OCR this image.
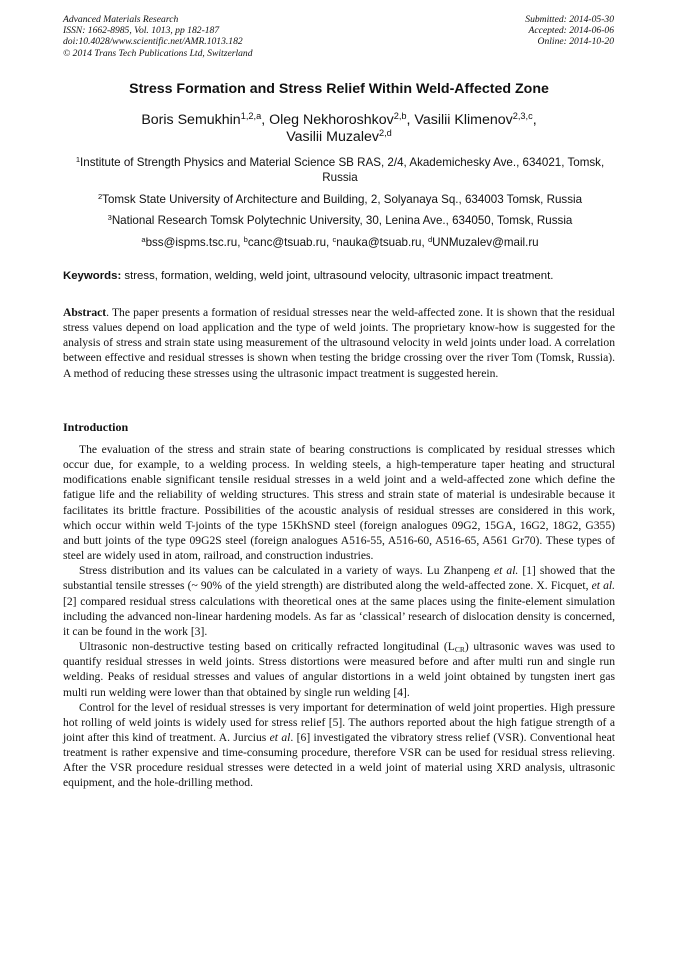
Advanced Materials Research
ISSN: 1662-8985, Vol. 1013, pp 182-187
doi:10.4028/www.scientific.net/AMR.1013.182
© 2014 Trans Tech Publications Ltd, Switzerland
Submitted: 2014-05-30
Accepted: 2014-06-06
Online: 2014-10-20
Stress Formation and Stress Relief Within Weld-Affected Zone
Boris Semukhin$^{1,2,a}$, Oleg Nekhoroshkov$^{2,b}$, Vasilii Klimenov$^{2,3,c}$,
Vasilii Muzalev$^{2,d}$
$^1$Institute of Strength Physics and Material Science SB RAS, 2/4, Akademichesky Ave., 634021, Tomsk, Russia
$^2$Tomsk State University of Architecture and Building, 2, Solyanaya Sq., 634003 Tomsk, Russia
$^3$National Research Tomsk Polytechnic University, 30, Lenina Ave., 634050, Tomsk, Russia
$^a$bss@ispms.tsc.ru, $^b$canc@tsuab.ru, $^c$nauka@tsuab.ru, $^d$UNMuzalev@mail.ru
Keywords: stress, formation, welding, weld joint, ultrasound velocity, ultrasonic impact treatment.

Abstract. The paper presents a formation of residual stresses near the weld-affected zone. It is shown that the residual stress values depend on load application and the type of weld joints. The proprietary know-how is suggested for the analysis of stress and strain state using measurement of the ultrasound velocity in weld joints under load. A correlation between effective and residual stresses is shown when testing the bridge crossing over the river Tom (Tomsk, Russia). A method of reducing these stresses using the ultrasonic impact treatment is suggested herein.

Introduction

The evaluation of the stress and strain state of bearing constructions is complicated by residual stresses which occur due, for example, to a welding process. In welding steels, a high-temperature taper heating and structural modifications enable significant tensile residual stresses in a weld joint and a weld-affected zone which define the fatigue life and the reliability of welding structures. This stress and strain state of material is undesirable because it facilitates its brittle fracture. Possibilities of the acoustic analysis of residual stresses are considered in this work, which occur within weld T-joints of the type 15KhSND steel (foreign analogues 09G2, 15GA, 16G2, 18G2, G355) and butt joints of the type 09G2S steel (foreign analogues A516-55, A516-60, A516-65, A561 Gr70). These types of steel are widely used in atom, railroad, and construction industries.

Stress distribution and its values can be calculated in a variety of ways. Lu Zhanpeng et al. [1] showed that the substantial tensile stresses (~ 90% of the yield strength) are distributed along the weld-affected zone. X. Ficquet, et al. [2] compared residual stress calculations with theoretical ones at the same places using the finite-element simulation including the advanced non-linear hardening models. As far as ‘classical’ research of dislocation density is concerned, it can be found in the work [3].

Ultrasonic non-destructive testing based on critically refracted longitudinal $(L_{CR})$ ultrasonic waves was used to quantify residual stresses in weld joints. Stress distortions were measured before and after multi run and single run welding. Peaks of residual stresses and values of angular distortions in a weld joint obtained by tungsten inert gas multi run welding were lower than that obtained by single run welding [4].

Control for the level of residual stresses is very important for determination of weld joint properties. High pressure hot rolling of weld joints is widely used for stress relief [5]. The authors reported about the high fatigue strength of a joint after this kind of treatment. A. Jurcius et al. [6] investigated the vibratory stress relief (VSR). Conventional heat treatment is rather expensive and time-consuming procedure, therefore VSR can be used for residual stress relieving. After the VSR procedure residual stresses were detected in a weld joint of material using XRD analysis, ultrasonic equipment, and the hole-drilling method.
